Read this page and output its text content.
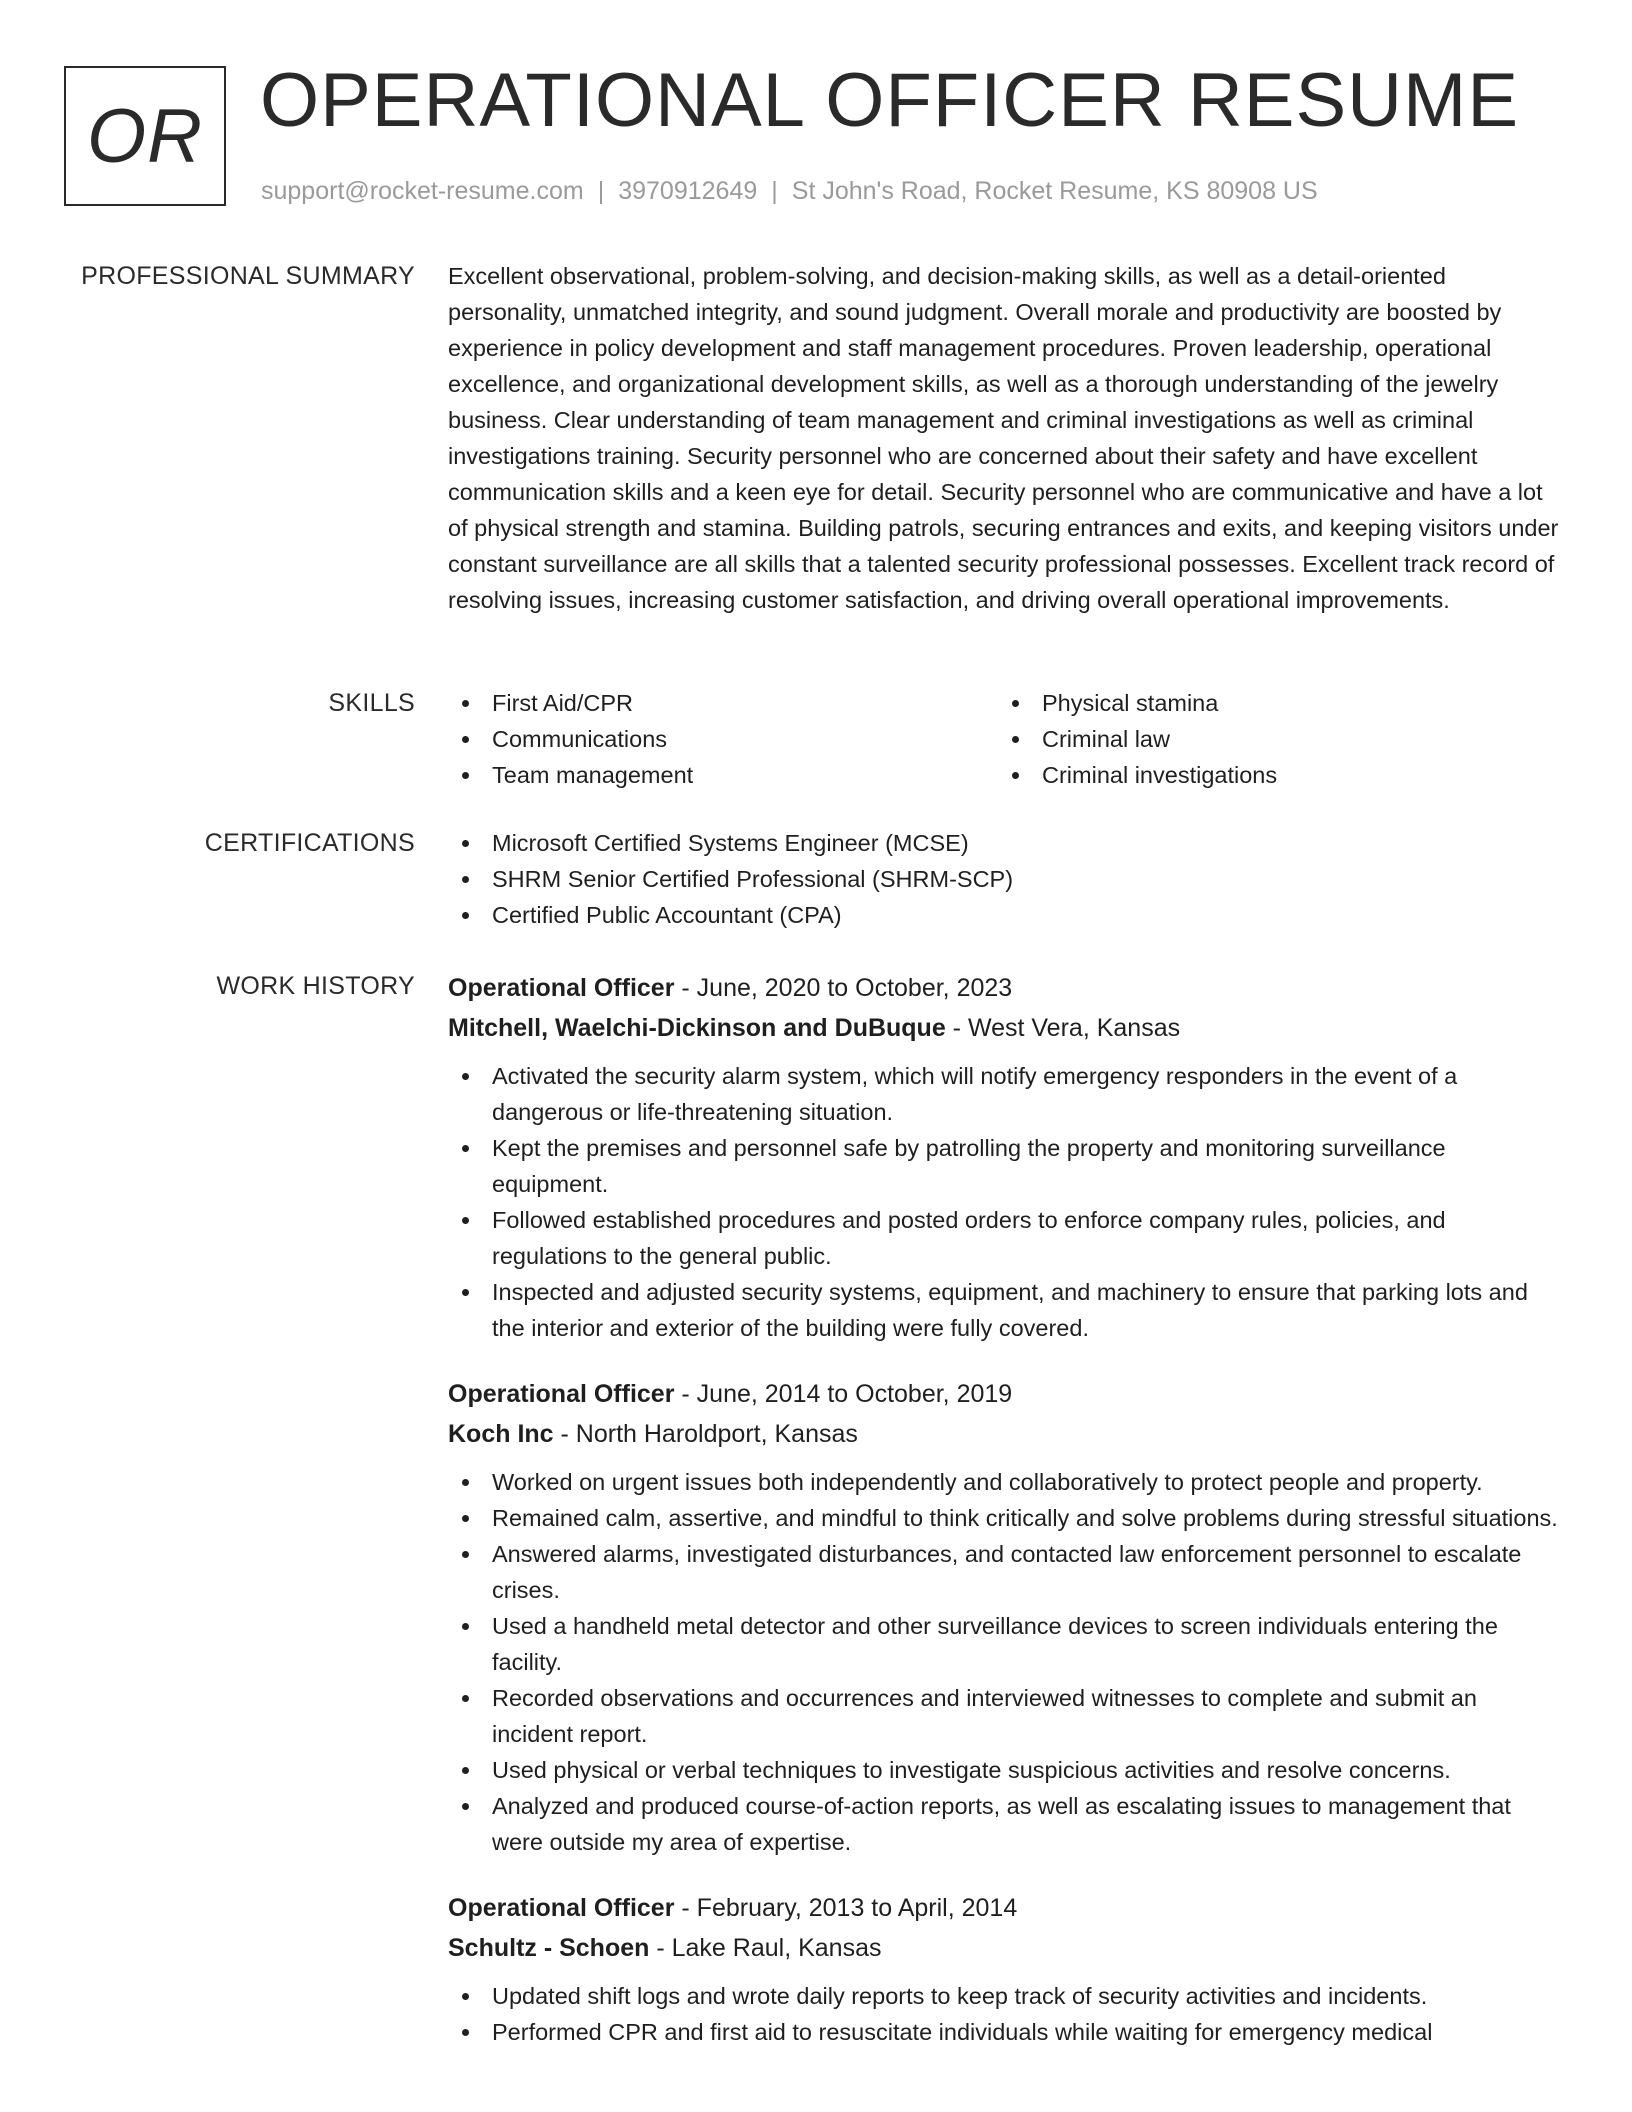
OR OPERATIONAL OFFICER RESUME
support@rocket-resume.com | 3970912649 | St John's Road, Rocket Resume, KS 80908 US
PROFESSIONAL SUMMARY Excellent observational, problem-solving, and decision-making skills, as well as a detail-oriented personality, unmatched integrity, and sound judgment. Overall morale and productivity are boosted by experience in policy development and staff management procedures. Proven leadership, operational excellence, and organizational development skills, as well as a thorough understanding of the jewelry business. Clear understanding of team management and criminal investigations as well as criminal investigations training. Security personnel who are concerned about their safety and have excellent communication skills and a keen eye for detail. Security personnel who are communicative and have a lot of physical strength and stamina. Building patrols, securing entrances and exits, and keeping visitors under constant surveillance are all skills that a talented security professional possesses. Excellent track record of resolving issues, increasing customer satisfaction, and driving overall operational improvements.

SKILLS	First Aid/CPR
Communications
Team management
Physical stamina
Criminal law
Criminal investigations
CERTIFICATIONS	Microsoft Certified Systems Engineer (MCSE)
SHRM Senior Certified Professional (SHRM-SCP)
Certified Public Accountant (CPA)
WORK HISTORY Operational Officer - June, 2020 to October, 2023
Mitchell, Waelchi-Dickinson and DuBuque - West Vera, Kansas
Activated the security alarm system, which will notify emergency responders in the event of a dangerous or life-threatening situation.
Kept the premises and personnel safe by patrolling the property and monitoring surveillance equipment.
Followed established procedures and posted orders to enforce company rules, policies, and regulations to the general public.
Inspected and adjusted security systems, equipment, and machinery to ensure that parking lots and the interior and exterior of the building were fully covered.
Operational Officer - June, 2014 to October, 2019
Koch Inc - North Haroldport, Kansas
Worked on urgent issues both independently and collaboratively to protect people and property.
Remained calm, assertive, and mindful to think critically and solve problems during stressful situations.
Answered alarms, investigated disturbances, and contacted law enforcement personnel to escalate crises.
Used a handheld metal detector and other surveillance devices to screen individuals entering the facility.
Recorded observations and occurrences and interviewed witnesses to complete and submit an incident report.
Used physical or verbal techniques to investigate suspicious activities and resolve concerns.
Analyzed and produced course-of-action reports, as well as escalating issues to management that were outside my area of expertise.
Operational Officer - February, 2013 to April, 2014
Schultz - Schoen - Lake Raul, Kansas
Updated shift logs and wrote daily reports to keep track of security activities and incidents.
Performed CPR and first aid to resuscitate individuals while waiting for emergency medical
